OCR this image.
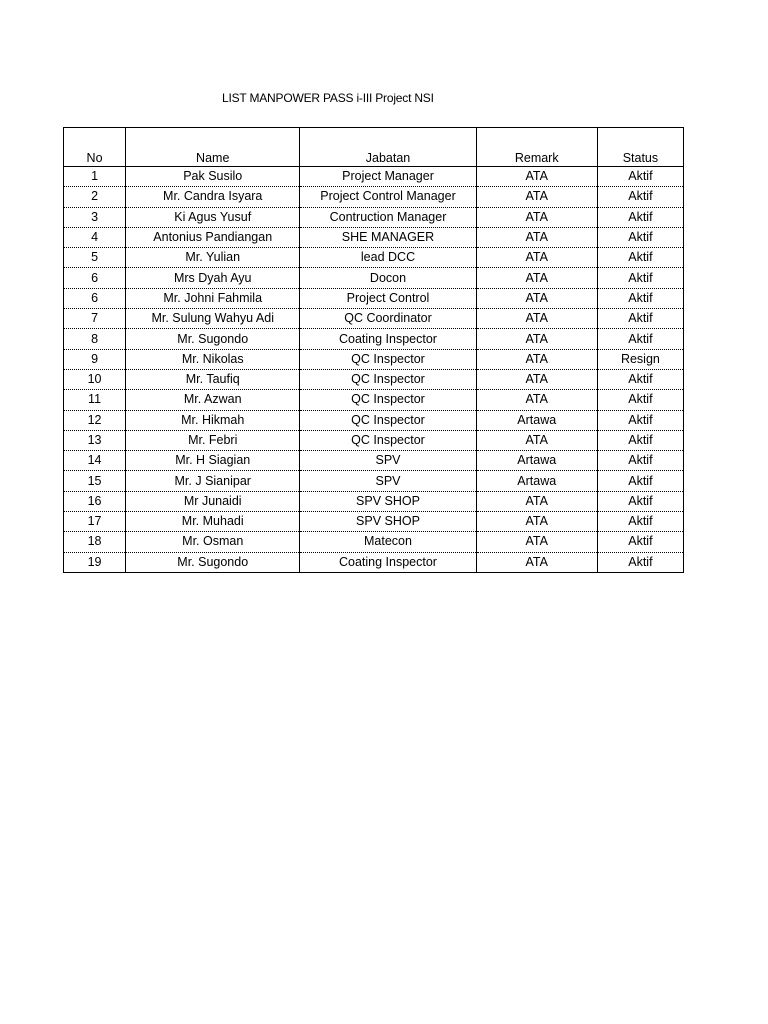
LIST MANPOWER PASS i-III Project NSI
No	Name	Jabatan	Remark	Status
1	Pak Susilo	Project Manager	ATA	Aktif
2	Mr. Candra Isyara	Project Control Manager	ATA	Aktif
3	Ki Agus Yusuf	Contruction Manager	ATA	Aktif
4	Antonius Pandiangan	SHE MANAGER	ATA	Aktif
5	Mr. Yulian	lead DCC	ATA	Aktif
6	Mrs Dyah Ayu	Docon	ATA	Aktif
6	Mr. Johni Fahmila	Project Control	ATA	Aktif
7	Mr. Sulung Wahyu Adi	QC Coordinator	ATA	Aktif
8	Mr. Sugondo	Coating Inspector	ATA	Aktif
9	Mr. Nikolas	QC Inspector	ATA	Resign
10	Mr. Taufiq	QC Inspector	ATA	Aktif
11	Mr. Azwan	QC Inspector	ATA	Aktif
12	Mr. Hikmah	QC Inspector	Artawa	Aktif
13	Mr. Febri	QC Inspector	ATA	Aktif
14	Mr. H Siagian	SPV	Artawa	Aktif
15	Mr. J Sianipar	SPV	Artawa	Aktif
16	Mr Junaidi	SPV SHOP	ATA	Aktif
17	Mr. Muhadi	SPV SHOP	ATA	Aktif
18	Mr. Osman	Matecon	ATA	Aktif
19	Mr. Sugondo	Coating Inspector	ATA	Aktif
